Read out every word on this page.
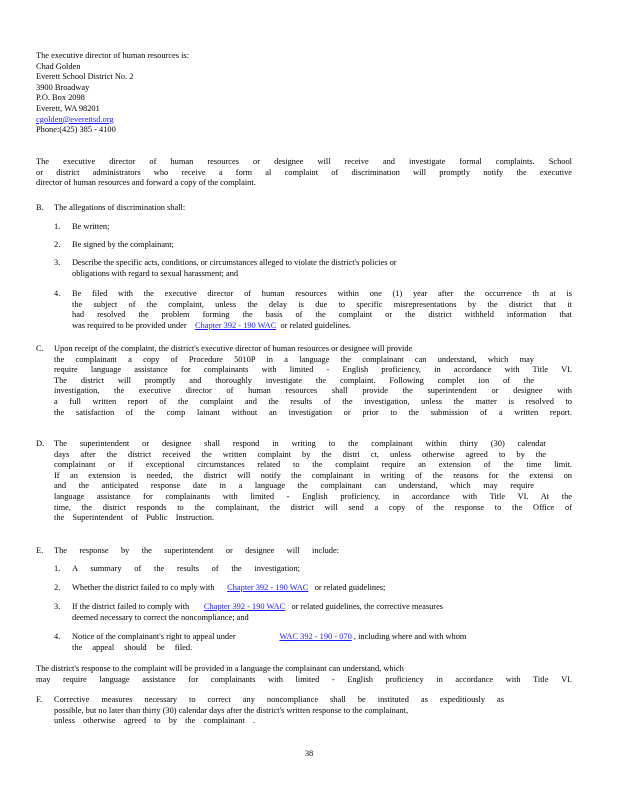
The executive director of human resources is:
Chad Golden
Everett School District No. 2
3900 Broadway
P.O. Box 2098
Everett, WA 98201
cgolden@everettsd.org
Phone:(425) 385 - 4100
The executive director of human resources or designee will receive and investigate formal complaints. School
or district administrators who receive a form al complaint of discrimination will promptly notify the executive
director of human resources and forward a copy of the complaint.
B. The allegations of discrimination shall:
1. Be written;
2. Be signed by the complainant;
3. Describe the specific acts, conditions, or circumstances alleged to violate the district's policies or
obligations with regard to sexual harassment; and
4. Be filed with the executive director of human resources within one (1) year after the occurrence th at is
the subject of the complaint, unless the delay is due to specific misrepresentations by the district that it
had resolved the problem forming the basis of the complaint or the district withheld information that
was required to be provided under Chapter 392 - 190 WAC or related guidelines.
C. Upon receipt of the complaint, the district's executive director of human resources or designee will provide
the complainant a copy of Procedure 5010P in a language the complainant can understand, which may
require language assistance for complainants with limited - English proficiency, in accordance with Title VI.
The district will promptly and thoroughly investigate the complaint. Following complet ion of the
investigation, the executive director of human resources shall provide the superintendent or designee with
a full written report of the complaint and the results of the investigation, unless the matter is resolved to
the satisfaction of the comp lainant without an investigation or prior to the submission of a written report.
D. The superintendent or designee shall respond in writing to the complainant within thirty (30) calendar
days after the district received the written complaint by the distri ct, unless otherwise agreed to by the
complainant or if exceptional circumstances related to the complaint require an extension of the time limit.
If an extension is needed, the district will notify the complainant in writing of the reasons for the extensi on
and the anticipated response date in a language the complainant can understand, which may require
language assistance for complainants with limited - English proficiency, in accordance with Title VI. At the
time, the district responds to the complainant, the district will send a copy of the response to the Office of
the Superintendent of Public Instruction.
E. The response by the superintendent or designee will include:
1. A summary of the results of the investigation;
2. Whether the district failed to co mply with Chapter 392 - 190 WAC or related guidelines;
3. If the district failed to comply with Chapter 392 - 190 WAC or related guidelines, the corrective measures
deemed necessary to correct the noncompliance; and
4. Notice of the complainant's right to appeal under	WAC 392 - 190 - 070 , including where and with whom
the appeal should be filed.
The district's response to the complaint will be provided in a language the complainant can understand, which
may require language assistance for complainants with limited - English proficiency in accordance with Title VI.
F. Corrective measures necessary to correct any noncompliance shall be instituted as expeditiously as
possible, but no later than thirty (30) calendar days after the district's written response to the complainant,
unless otherwise agreed to by the complainant .
38
